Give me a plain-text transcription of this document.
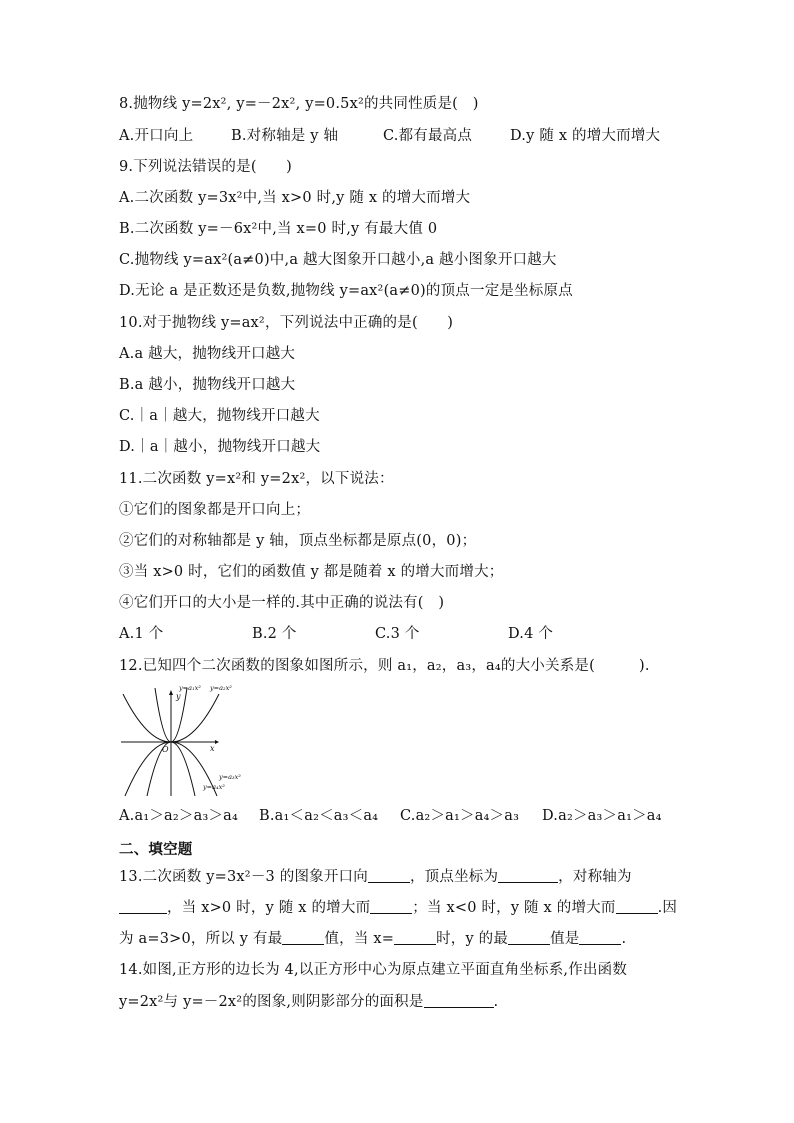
8.抛物线 y=2x², y=－2x², y=0.5x²的共同性质是(　)

A.开口向上

	B.对称轴是 y 轴

	C.都有最高点

	D.y 随 x 的增大而增大

9.下列说法错误的是(　　)
A.二次函数 y=3x²中,当 x>0 时,y 随 x 的增大而增大
B.二次函数 y=－6x²中,当 x=0 时,y 有最大值 0
C.抛物线 y=ax²(a≠0)中,a 越大图象开口越小,a 越小图象开口越大
D.无论 a 是正数还是负数,抛物线 y=ax²(a≠0)的顶点一定是坐标原点
10.对于抛物线 y=ax²，下列说法中正确的是(　　)
A.a 越大，抛物线开口越大
B.a 越小，抛物线开口越大
C.｜a｜越大，抛物线开口越大
D.｜a｜越小，抛物线开口越大
11.二次函数 y=x²和 y=2x²，以下说法：
①它们的图象都是开口向上；
②它们的对称轴都是 y 轴，顶点坐标都是原点(0，0)；
③当 x>0 时，它们的函数值 y 都是随着 x 的增大而增大；
④它们开口的大小是一样的.其中正确的说法有(　)

A.1 个

	B.2 个

	C.3 个

	D.4 个

12.已知四个二次函数的图象如图所示，则 a₁，a₂，a₃，a₄的大小关系是(　　　).
y
x
O
y=a₁x² y=a₂x²
y=a₃x²
y=a₄x²

A.a₁＞a₂＞a₃＞a₄

B.a₁＜a₂＜a₃＜a₄

C.a₂＞a₁＞a₄＞a₃

D.a₂＞a₃＞a₁＞a₄

二、填空题
13.二次函数 y=3x²－3 的图象开口向	，顶点坐标为	，对称轴为
，当 x>0 时，y 随 x 的增大而	；当 x<0 时，y 随 x 的增大而	.因
为 a=3>0，所以 y 有最	值，当 x=	时，y 的最	值是	.
14.如图,正方形的边长为 4,以正方形中心为原点建立平面直角坐标系,作出函数
y=2x²与 y=－2x²的图象,则阴影部分的面积是	.
